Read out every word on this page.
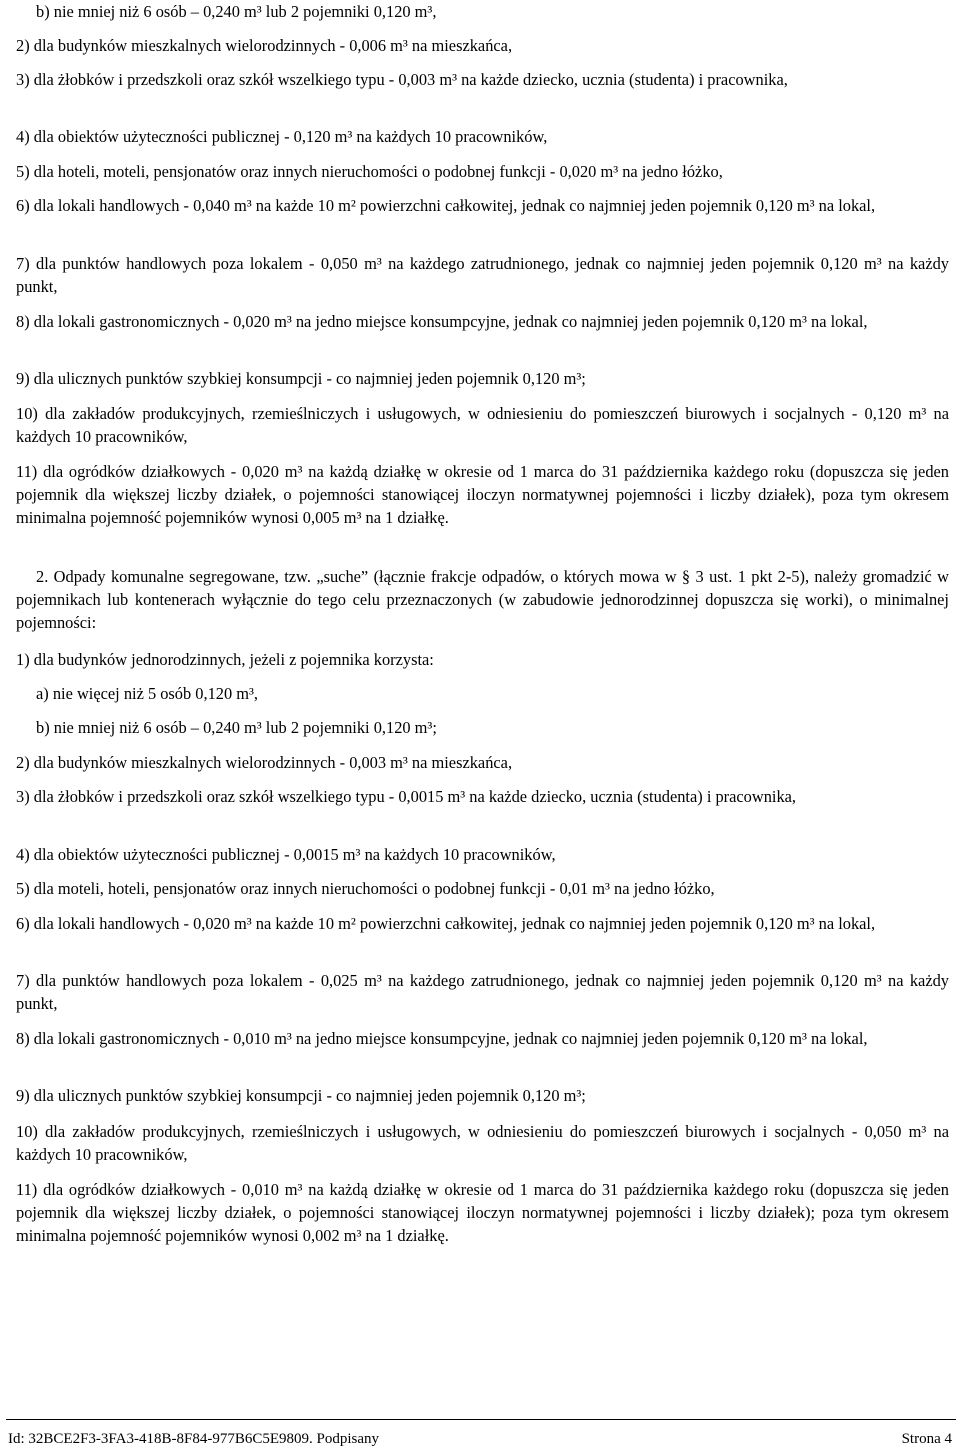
b) nie mniej niż 6 osób – 0,240 m³ lub 2 pojemniki 0,120 m³,

2) dla budynków mieszkalnych wielorodzinnych - 0,006 m³ na mieszkańca,

3) dla żłobków i przedszkoli oraz szkół wszelkiego typu - 0,003 m³ na każde dziecko, ucznia (studenta) i pracownika,

4) dla obiektów użyteczności publicznej - 0,120 m³ na każdych 10 pracowników,

5) dla hoteli, moteli, pensjonatów oraz innych nieruchomości o podobnej funkcji - 0,020 m³ na jedno łóżko,

6) dla lokali handlowych - 0,040 m³ na każde 10 m² powierzchni całkowitej, jednak co najmniej jeden pojemnik 0,120 m³ na lokal,

7) dla punktów handlowych poza lokalem - 0,050 m³ na każdego zatrudnionego, jednak co najmniej jeden pojemnik 0,120 m³ na każdy punkt,

8) dla lokali gastronomicznych - 0,020 m³ na jedno miejsce konsumpcyjne, jednak co najmniej jeden pojemnik 0,120 m³ na lokal,

9) dla ulicznych punktów szybkiej konsumpcji - co najmniej jeden pojemnik 0,120 m³;

10) dla zakładów produkcyjnych, rzemieślniczych i usługowych, w odniesieniu do pomieszczeń biurowych i socjalnych - 0,120 m³ na każdych 10 pracowników,

11) dla ogródków działkowych - 0,020 m³ na każdą działkę w okresie od 1 marca do 31 października każdego roku (dopuszcza się jeden pojemnik dla większej liczby działek, o pojemności stanowiącej iloczyn normatywnej pojemności i liczby działek), poza tym okresem minimalna pojemność pojemników wynosi 0,005 m³ na 1 działkę.

2. Odpady komunalne segregowane, tzw. „suche” (łącznie frakcje odpadów, o których mowa w § 3 ust. 1 pkt 2-5), należy gromadzić w pojemnikach lub kontenerach wyłącznie do tego celu przeznaczonych (w zabudowie jednorodzinnej dopuszcza się worki), o minimalnej pojemności:

1) dla budynków jednorodzinnych, jeżeli z pojemnika korzysta:

a) nie więcej niż 5 osób 0,120 m³,

b) nie mniej niż 6 osób – 0,240 m³ lub 2 pojemniki 0,120 m³;

2) dla budynków mieszkalnych wielorodzinnych - 0,003 m³ na mieszkańca,

3) dla żłobków i przedszkoli oraz szkół wszelkiego typu - 0,0015 m³ na każde dziecko, ucznia (studenta) i pracownika,

4) dla obiektów użyteczności publicznej - 0,0015 m³ na każdych 10 pracowników,

5) dla moteli, hoteli, pensjonatów oraz innych nieruchomości o podobnej funkcji - 0,01 m³ na jedno łóżko,

6) dla lokali handlowych - 0,020 m³ na każde 10 m² powierzchni całkowitej, jednak co najmniej jeden pojemnik 0,120 m³ na lokal,

7) dla punktów handlowych poza lokalem - 0,025 m³ na każdego zatrudnionego, jednak co najmniej jeden pojemnik 0,120 m³ na każdy punkt,

8) dla lokali gastronomicznych - 0,010 m³ na jedno miejsce konsumpcyjne, jednak co najmniej jeden pojemnik 0,120 m³ na lokal,

9) dla ulicznych punktów szybkiej konsumpcji - co najmniej jeden pojemnik 0,120 m³;

10) dla zakładów produkcyjnych, rzemieślniczych i usługowych, w odniesieniu do pomieszczeń biurowych i socjalnych - 0,050 m³ na każdych 10 pracowników,

11) dla ogródków działkowych - 0,010 m³ na każdą działkę w okresie od 1 marca do 31 października każdego roku (dopuszcza się jeden pojemnik dla większej liczby działek, o pojemności stanowiącej iloczyn normatywnej pojemności i liczby działek); poza tym okresem minimalna pojemność pojemników wynosi 0,002 m³ na 1 działkę.

Id: 32BCE2F3-3FA3-418B-8F84-977B6C5E9809. Podpisany	Strona 4
